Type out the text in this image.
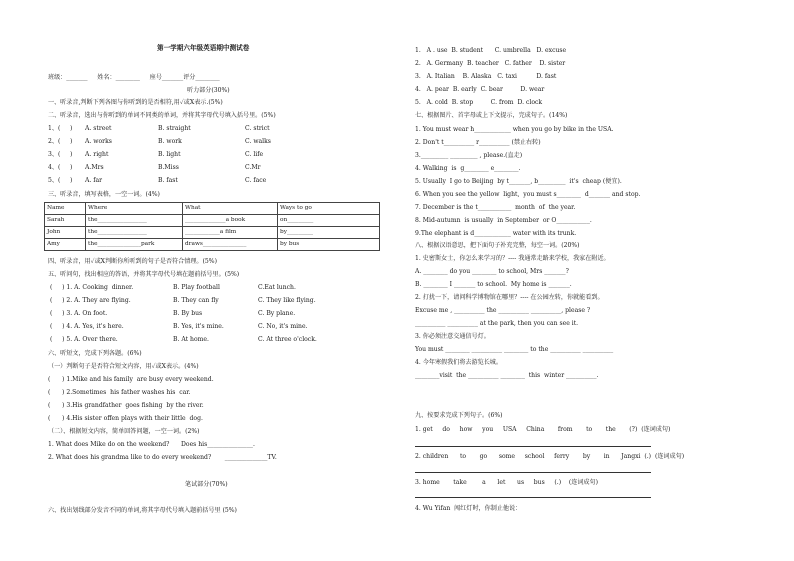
第一学期六年级英语期中测试卷
班级：_______     姓名：________     座号_______评分________
听力部分(30%)
一、听录音,判断下列各图与你听到的是否相符,用✓或X表示.(5%)
二、听录音，选出与你听到的单词不同类的单词，并将其字母代号填入括号里。(5%)
1、(     ) A. street	B. straight	C. strict
2、(     ) A. works	B. work	C. walks
3、(     ) A. right	B. light	C. life
4、(     ) A.Mrs	B.Miss	C.Mr
5、(     ) A. far	B. fast	C. face
三、听录音，填写表格，一空一词。(4%)
Name	Where	What	Ways to go
Sarah	the_________________	______________a book	on_________
John	the_________________	____________a film	by_________
Amy	the_______________park	draws_______________	by bus
四、听录音，用✓或X判断你所听到的句子是否符合情理。(5%)
五、听问句，找出相应的答语，并将其字母代号填在题前括号里。(5%)
(     ) 1. A. Cooking  dinner.	B. Play football	C.Eat lunch.
(     ) 2. A. They are flying.	B. They can fly	C. They like flying.
(     ) 3. A. On foot.	B. By bus	C. By plane.
(     ) 4. A. Yes, it's here.	B. Yes, it's mine.	C. No, it's mine.
(     ) 5. A. Over there.	B. At home.	C. At three o'clock.
六、听短文，完成下列各题。(6%)
（一）判断句子是否符合短文内容，用✓或X表示。(4%)
(      ) 1.Mike and his family  are busy every weekend.
(      ) 2.Sometimes  his father washes his  car.
(      ) 3.His grandfather  goes fishing  by the river.
(      ) 4.His sister offen plays with their little  dog.
（二）、根据短文内容，简单回答问题，一空一词。(2%)
1. What does Mike do on the weekend?      Does his_______________.
2. What does his grandma like to do every weekend?       ______________TV.
笔试部分(70%)
六、找出划线部分发音不同的单词,将其字母代号填入题前括号里 (5%)
1.   A . use  B. student      C. umbrella   D. excuse
2.   A. Germany  B. teacher   C. father    D. sister
3.   A. Italian    B. Alaska   C. taxi          D. fast
4.   A. pear  B. early  C. bear         D. wear
5.   A. cold  B. stop         C. from  D. clock
七、根据图片、首字母或上下文提示，完成句子。(14%)
1. You must wear h____________ when you go by bike in the USA.
2. Don't t__________ r__________ (禁止右转)
3._________ _________ , please.(直走)
4. Walking  is  g________ e________.
5. Usually  I go to Beijing  by t_______, b_________  it's  cheap (便宜).
6. When you see the yellow  light,  you must s________  d_______ and stop.
7. December is the t___________  month  of  the year.
8. Mid-autumn  is usually  in September  or O___________.
9.The elephant is d____________ water with its trunk.
八、根据汉语意思，把下面句子补充完整，每空一词。(20%)
1. 史密斯女士，你怎么来学习的？---- 我通常走路来学校，我家在附近。
A. ________ do you ________ to school, Mrs _______?
B. ________ I _______ to school.  My home is _______.
2. 打扰一下，请问科学博物馆在哪里？---- 在公园左转，你就能看到。
Excuse me , __________ the __________ __________, please ?
__________ __________ at the park, then you can see it.
3. 你必须注意交通信号灯。
You must ________ __________ ________ to the __________ __________
4. 今年寒假我们将去游览长城。
________visit  the __________ ________  this  winter __________.
九、按要求完成下列句子。(6%)
1. get     do     how     you     USA     China       from       to       the       (?)  (连词成句)
2. children      to       go      some     school     ferry       by       in      Jangxi  (.)  (连词成句)
3. home       take        a      let      us     bus     (.)    (连词成句)
4. Wu Yifan  闯红灯时，你制止他说：
